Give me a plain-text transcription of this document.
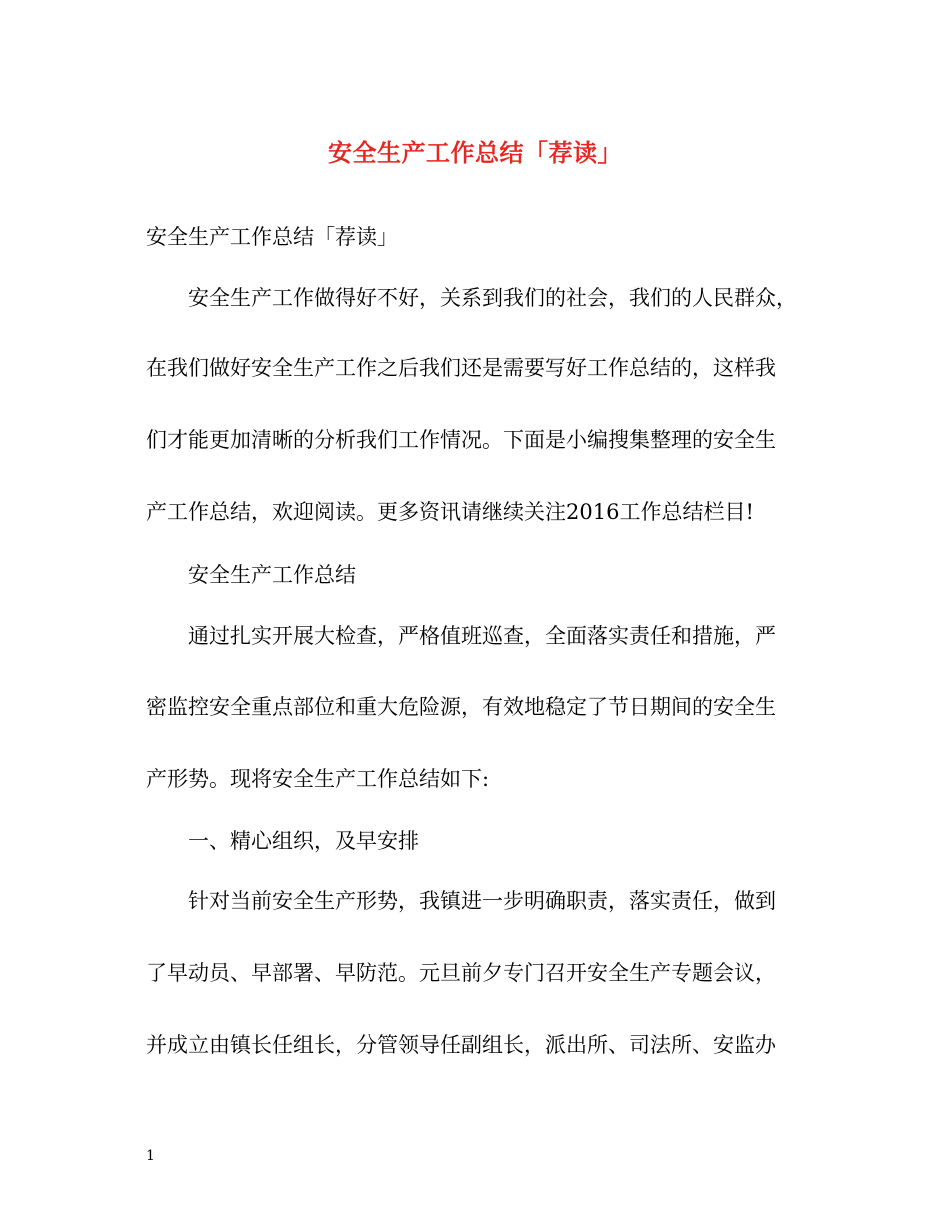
安全生产工作总结「荐读」
安全生产工作总结「荐读」
安全生产工作做得好不好，关系到我们的社会，我们的人民群众，
在我们做好安全生产工作之后我们还是需要写好工作总结的，这样我
们才能更加清晰的分析我们工作情况。下面是小编搜集整理的安全生
产工作总结，欢迎阅读。更多资讯请继续关注2016工作总结栏目!
安全生产工作总结
通过扎实开展大检查，严格值班巡查，全面落实责任和措施，严
密监控安全重点部位和重大危险源，有效地稳定了节日期间的安全生
产形势。现将安全生产工作总结如下:
一、精心组织，及早安排
针对当前安全生产形势，我镇进一步明确职责，落实责任，做到
了早动员、早部署、早防范。元旦前夕专门召开安全生产专题会议，
并成立由镇长任组长，分管领导任副组长，派出所、司法所、安监办
1
